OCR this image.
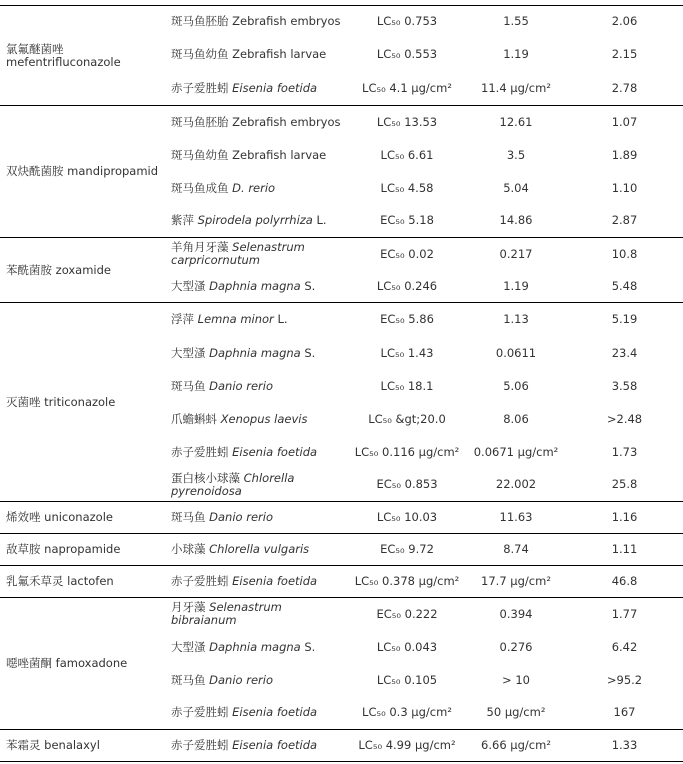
氯氟醚菌唑 mefentrifluconazole	斑马鱼胚胎 Zebrafish embryos	LC₅₀ 0.753	1.55	2.06
	斑马鱼幼鱼 Zebrafish larvae	LC₅₀ 0.553	1.19	2.15
	赤子爱胜蚓 Eisenia foetida	LC₅₀ 4.1 μg/cm²	11.4 μg/cm²	2.78
双炔酰菌胺 mandipropamid	斑马鱼胚胎 Zebrafish embryos	LC₅₀ 13.53	12.61	1.07
	斑马鱼幼鱼 Zebrafish larvae	LC₅₀ 6.61	3.5	1.89
	斑马鱼成鱼 D. rerio	LC₅₀ 4.58	5.04	1.10
	紫萍 Spirodela polyrrhiza L.	EC₅₀ 5.18	14.86	2.87
苯酰菌胺 zoxamide	羊角月牙藻 Selenastrum carpricornutum	EC₅₀ 0.02	0.217	10.8
	大型溞 Daphnia magna S.	LC₅₀ 0.246	1.19	5.48
灭菌唑 triticonazole	浮萍 Lemna minor L.	EC₅₀ 5.86	1.13	5.19
	大型溞 Daphnia magna S.	LC₅₀ 1.43	0.0611	23.4
	斑马鱼 Danio rerio	LC₅₀ 18.1	5.06	3.58
	爪蟾蝌蚪 Xenopus laevis	LC₅₀ &gt;20.0	8.06	>2.48
	赤子爱胜蚓 Eisenia foetida	LC₅₀ 0.116 μg/cm²	0.0671 μg/cm²	1.73
	蛋白核小球藻 Chlorella pyrenoidosa	EC₅₀ 0.853	22.002	25.8
烯效唑 uniconazole	斑马鱼 Danio rerio	LC₅₀ 10.03	11.63	1.16
敌草胺 napropamide	小球藻 Chlorella vulgaris	EC₅₀ 9.72	8.74	1.11
乳氟禾草灵 lactofen	赤子爱胜蚓 Eisenia foetida	LC₅₀ 0.378 μg/cm²	17.7 μg/cm²	46.8
噁唑菌酮 famoxadone	月牙藻 Selenastrum bibraianum	EC₅₀ 0.222	0.394	1.77
	大型溞 Daphnia magna S.	LC₅₀ 0.043	0.276	6.42
	斑马鱼 Danio rerio	LC₅₀ 0.105	> 10	>95.2
	赤子爱胜蚓 Eisenia foetida	LC₅₀ 0.3 μg/cm²	50 μg/cm²	167
苯霜灵 benalaxyl	赤子爱胜蚓 Eisenia foetida	LC₅₀ 4.99 μg/cm²	6.66 μg/cm²	1.33
